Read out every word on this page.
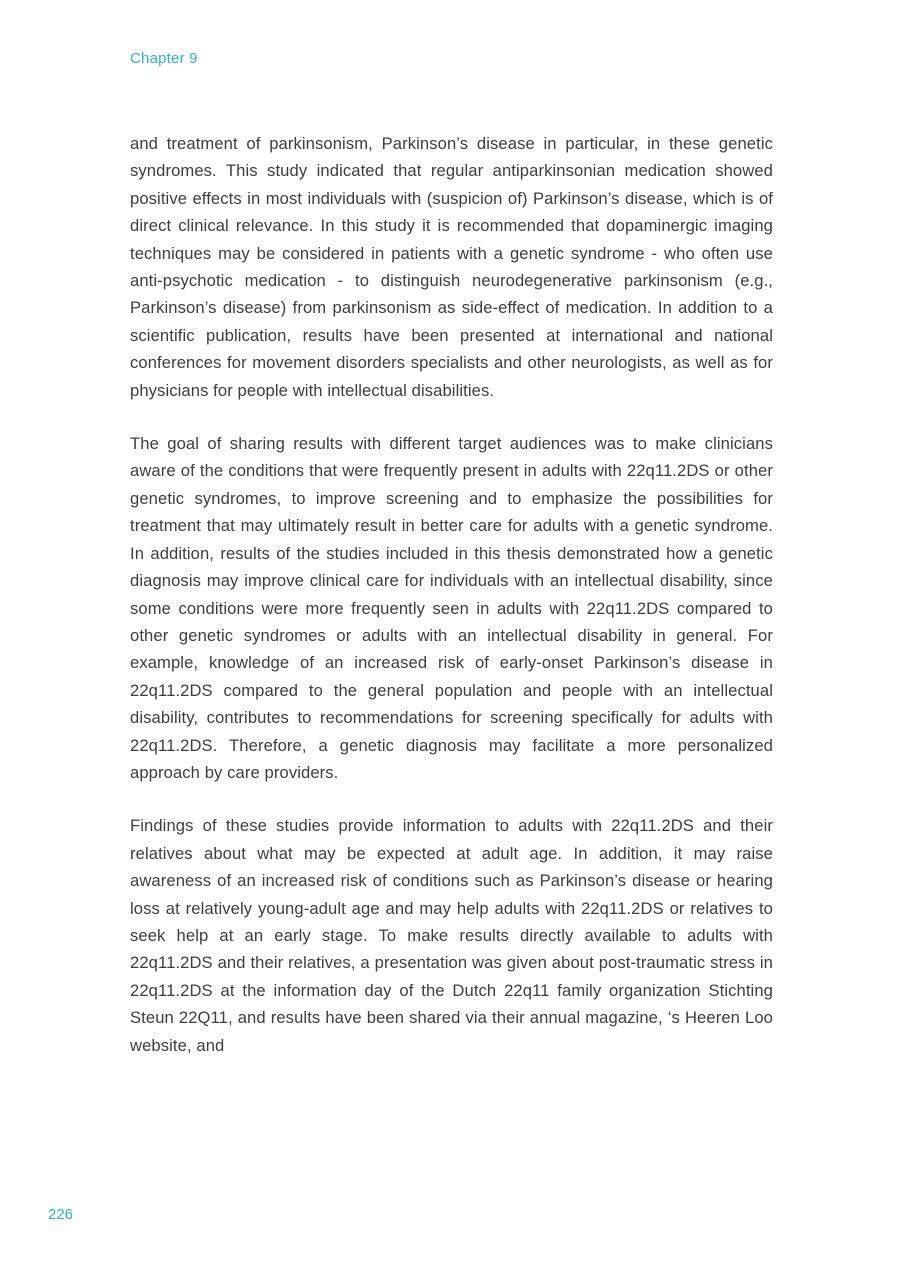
Chapter 9

and treatment of parkinsonism, Parkinson’s disease in particular, in these genetic syndromes. This study indicated that regular antiparkinsonian medication showed positive effects in most individuals with (suspicion of) Parkinson’s disease, which is of direct clinical relevance. In this study it is recommended that dopaminergic imaging techniques may be considered in patients with a genetic syndrome - who often use anti-psychotic medication - to distinguish neurodegenerative parkinsonism (e.g., Parkinson’s disease) from parkinsonism as side-effect of medication. In addition to a scientific publication, results have been presented at international and national conferences for movement disorders specialists and other neurologists, as well as for physicians for people with intellectual disabilities.

The goal of sharing results with different target audiences was to make clinicians aware of the conditions that were frequently present in adults with 22q11.2DS or other genetic syndromes, to improve screening and to emphasize the possibilities for treatment that may ultimately result in better care for adults with a genetic syndrome. In addition, results of the studies included in this thesis demonstrated how a genetic diagnosis may improve clinical care for individuals with an intellectual disability, since some conditions were more frequently seen in adults with 22q11.2DS compared to other genetic syndromes or adults with an intellectual disability in general. For example, knowledge of an increased risk of early-onset Parkinson’s disease in 22q11.2DS compared to the general population and people with an intellectual disability, contributes to recommendations for screening specifically for adults with 22q11.2DS. Therefore, a genetic diagnosis may facilitate a more personalized approach by care providers.

Findings of these studies provide information to adults with 22q11.2DS and their relatives about what may be expected at adult age. In addition, it may raise awareness of an increased risk of conditions such as Parkinson’s disease or hearing loss at relatively young-adult age and may help adults with 22q11.2DS or relatives to seek help at an early stage. To make results directly available to adults with 22q11.2DS and their relatives, a presentation was given about post-traumatic stress in 22q11.2DS at the information day of the Dutch 22q11 family organization Stichting Steun 22Q11, and results have been shared via their annual magazine, ‘s Heeren Loo website, and

226
